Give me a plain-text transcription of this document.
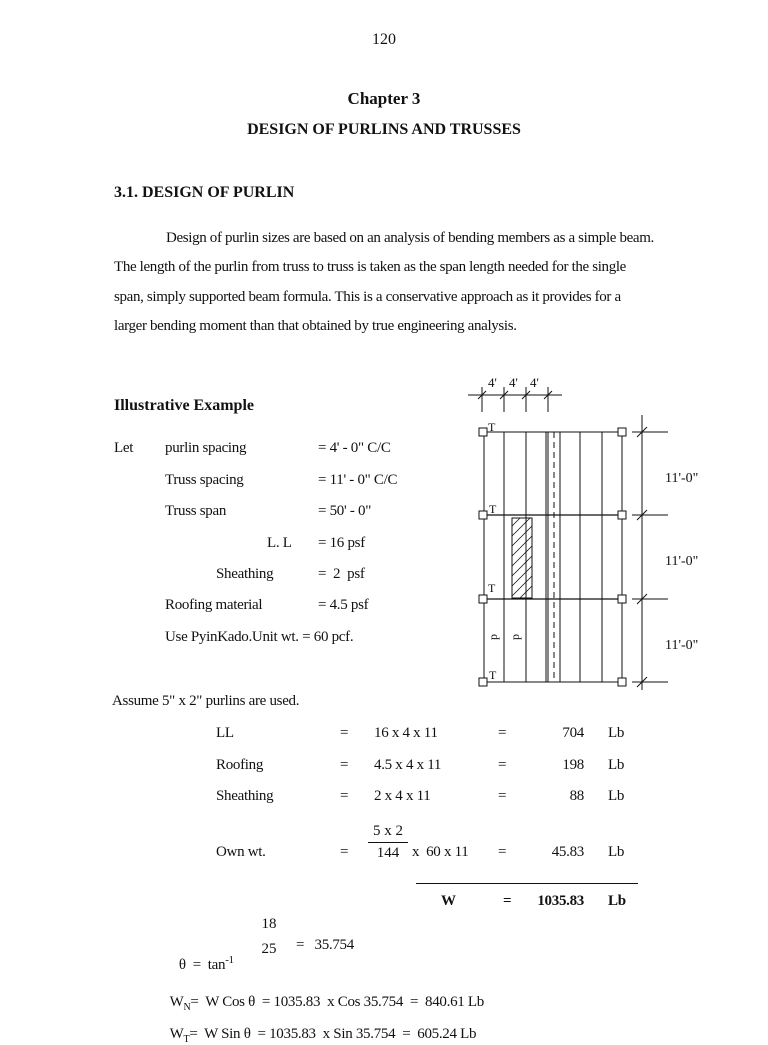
120
Chapter 3
DESIGN OF PURLINS AND TRUSSES
3.1. DESIGN OF PURLIN

Design of purlin sizes are based on an analysis of bending members as a simple beam.

The length of the purlin from truss to truss is taken as the span length needed for the single

span, simply supported beam formula. This is a conservative approach as it provides for a

larger bending moment than that obtained by true engineering analysis.

Illustrative Example
Let purlin spacing	= 4' - 0" C/C
Truss spacing	= 11' - 0" C/C
Truss span	= 50' - 0"
L. L = 16 psf
Sheathing	=  2  psf
Roofing material	= 4.5 psf
Use PyinKado.Unit wt. = 60 pcf.
4' 4' 4'
T
T
T
T
p p
11'-0"
11'-0"
11'-0"
Assume 5" x 2" purlins are used.
LL	= 16 x 4 x 11	=	704 Lb
Roofing	= 4.5 x 4 x 11	=	198 Lb
Sheathing	= 2 x 4 x 11	=	88 Lb
Own wt.	= $\frac{5 x 2}{144}$ x  60 x 11 =	45.83 Lb
W	=	1035.83 Lb

$\theta = \tan^{-1}$

18
25	=   35.754

$W_N= W$ Cos θ  = 1035.83  x Cos 35.754  =  840.61 Lb

$W_T= W$ Sin θ  = 1035.83  x Sin 35.754  =  605.24 Lb
